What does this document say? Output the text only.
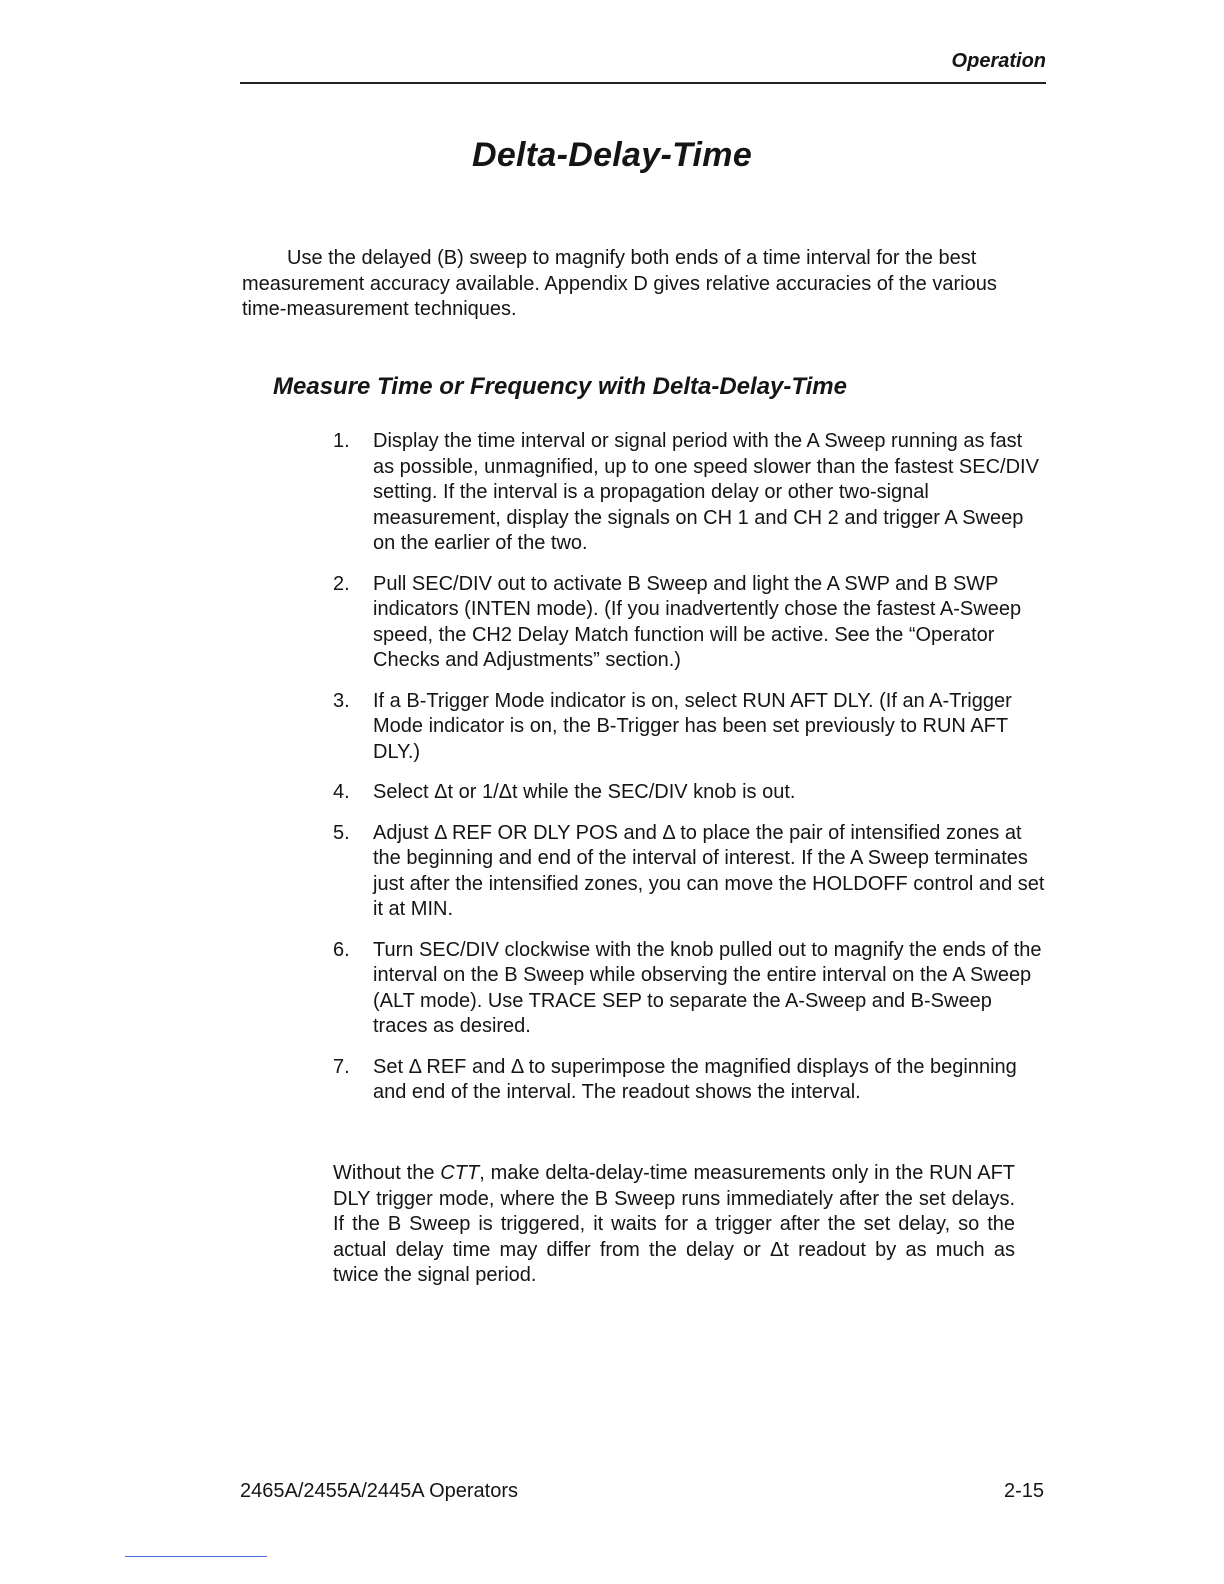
Operation
Delta-Delay-Time

Use the delayed (B) sweep to magnify both ends of a time interval for the best measurement accuracy available. Appendix D gives relative accuracies of the various time-measurement techniques.

Measure Time or Frequency with Delta-Delay-Time
1. Display the time interval or signal period with the A Sweep running as fast as possible, unmagnified, up to one speed slower than the fastest SEC/DIV setting. If the interval is a propagation delay or other two-signal measurement, display the signals on CH 1 and CH 2 and trigger A Sweep on the earlier of the two.
2. Pull SEC/DIV out to activate B Sweep and light the A SWP and B SWP indicators (INTEN mode). (If you inadvertently chose the fastest A-Sweep speed, the CH2 Delay Match function will be active. See the “Operator Checks and Adjustments” section.)
3. If a B-Trigger Mode indicator is on, select RUN AFT DLY. (If an A-Trigger Mode indicator is on, the B-Trigger has been set previously to RUN AFT DLY.)
4. Select Δt or 1/Δt while the SEC/DIV knob is out.
5. Adjust Δ REF OR DLY POS and Δ to place the pair of intensified zones at the beginning and end of the interval of interest. If the A Sweep terminates just after the intensified zones, you can move the HOLDOFF control and set it at MIN.
6. Turn SEC/DIV clockwise with the knob pulled out to magnify the ends of the interval on the B Sweep while observing the entire interval on the A Sweep (ALT mode). Use TRACE SEP to separate the A-Sweep and B-Sweep traces as desired.
7. Set Δ REF and Δ to superimpose the magnified displays of the beginning and end of the interval. The readout shows the interval.

Without the CTT, make delta-delay-time measurements only in the RUN AFT DLY trigger mode, where the B Sweep runs immediately after the set delays. If the B Sweep is triggered, it waits for a trigger after the set delay, so the actual delay time may differ from the delay or Δt readout by as much as twice the signal period.

2465A/2455A/2445A Operators	2-15
